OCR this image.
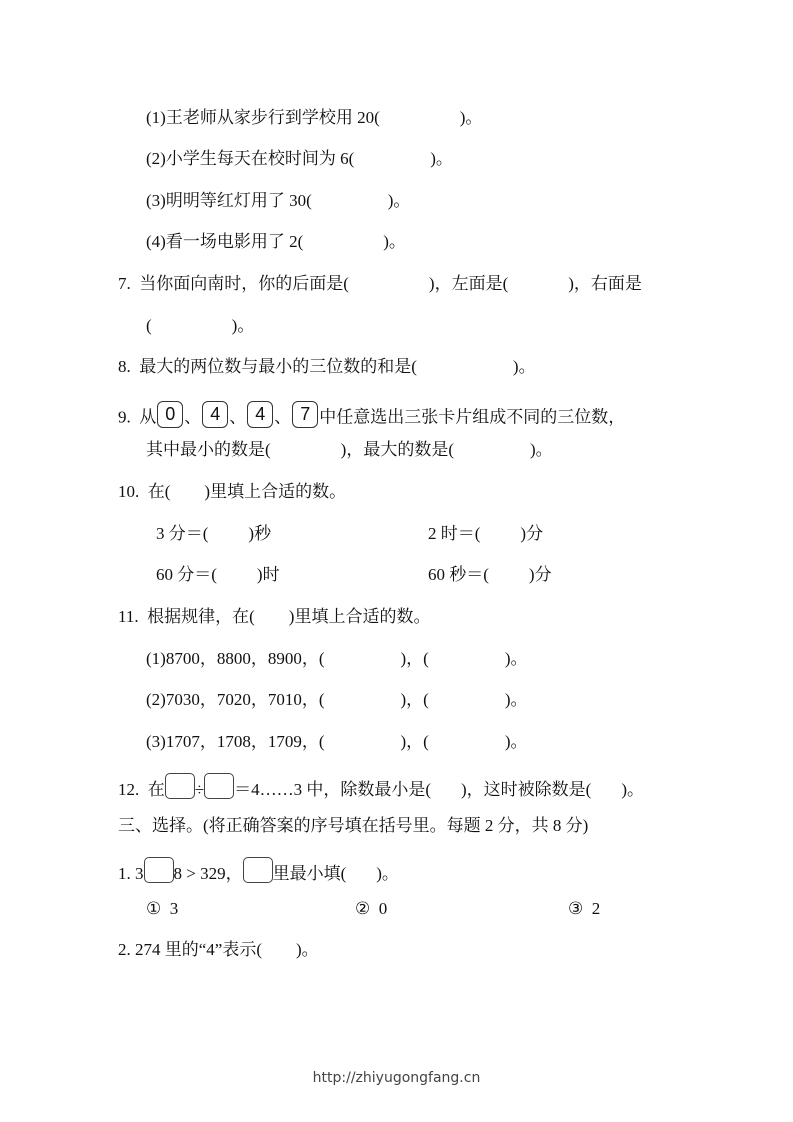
(1)王老师从家步行到学校用 20(	)。
(2)小学生每天在校时间为 6(	)。
(3)明明等红灯用了 30(	)。
(4)看一场电影用了 2(	)。
7.  当你面向南时，你的后面是(	)，左面是(	)，右面是
(	)。
8.  最大的两位数与最小的三位数的和是(	)。
9.  从 0 、 4 、 4 、 7 中任意选出三张卡片组成不同的三位数，
其中最小的数是(	)，最大的数是(	)。
10.  在(        )里填上合适的数。
3 分＝( )秒	2 时＝( )分
60 分＝( )时	60 秒＝( )分
11.  根据规律，在(        )里填上合适的数。
(1)8700，8800，8900，(	)，(	)。
(2)7030，7020，7010，(	)，(	)。
(3)1707，1708，1709，(	)，(	)。
12.  在 ÷ ＝4……3 中，除数最小是( )，这时被除数是( )。
三、选择。(将正确答案的序号填在括号里。每题 2 分，共 8 分)
1. 3 8 > 329， 里最小填( )。
①  3	②  0	③  2
2. 274 里的“4”表示(        )。
http://zhiyugongfang.cn
